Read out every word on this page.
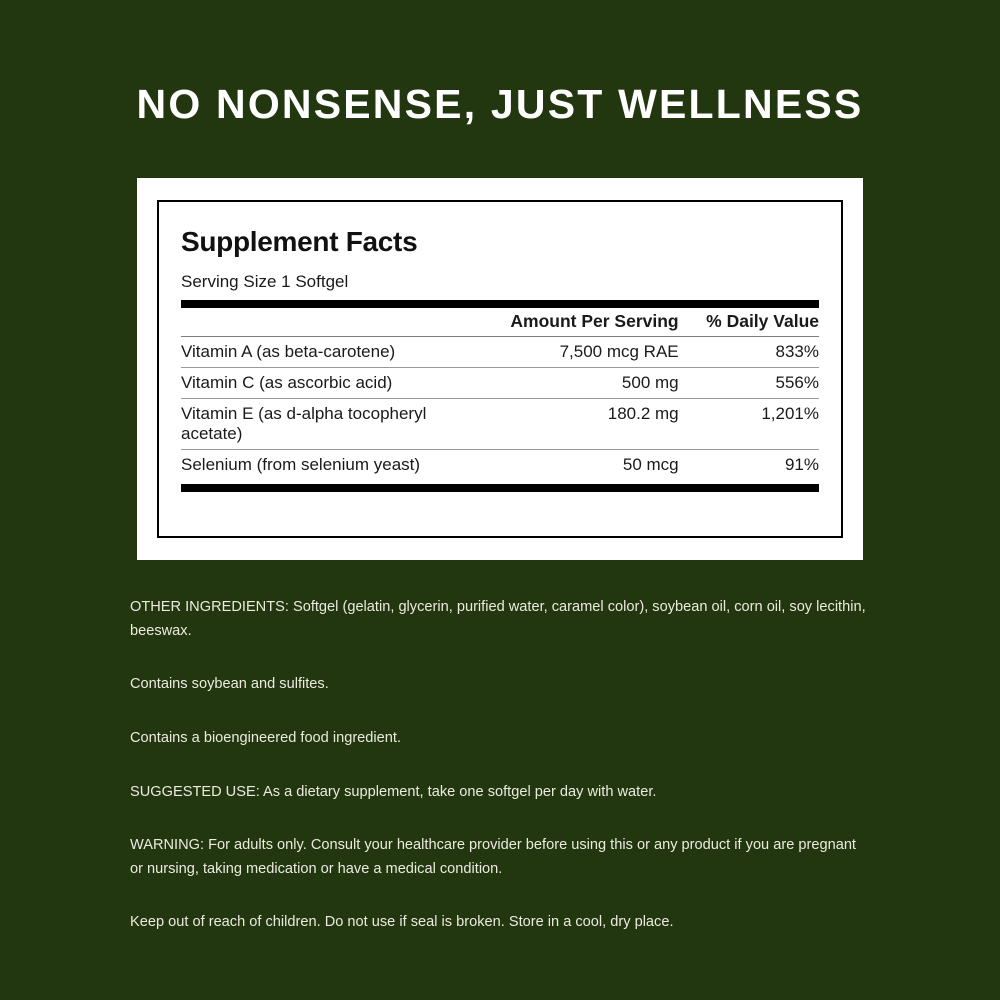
NO NONSENSE, JUST WELLNESS
Supplement Facts
Serving Size 1 Softgel
	Amount Per Serving	% Daily Value
Vitamin A (as beta-carotene)	7,500 mcg RAE	833%
Vitamin C (as ascorbic acid)	500 mg	556%
Vitamin E (as d-alpha tocopheryl acetate)	180.2 mg	1,201%
Selenium (from selenium yeast)	50 mcg	91%

OTHER INGREDIENTS: Softgel (gelatin, glycerin, purified water, caramel color), soybean oil, corn oil, soy lecithin, beeswax.

Contains soybean and sulfites.

Contains a bioengineered food ingredient.

SUGGESTED USE: As a dietary supplement, take one softgel per day with water.

WARNING: For adults only. Consult your healthcare provider before using this or any product if you are pregnant or nursing, taking medication or have a medical condition.

Keep out of reach of children. Do not use if seal is broken. Store in a cool, dry place.
